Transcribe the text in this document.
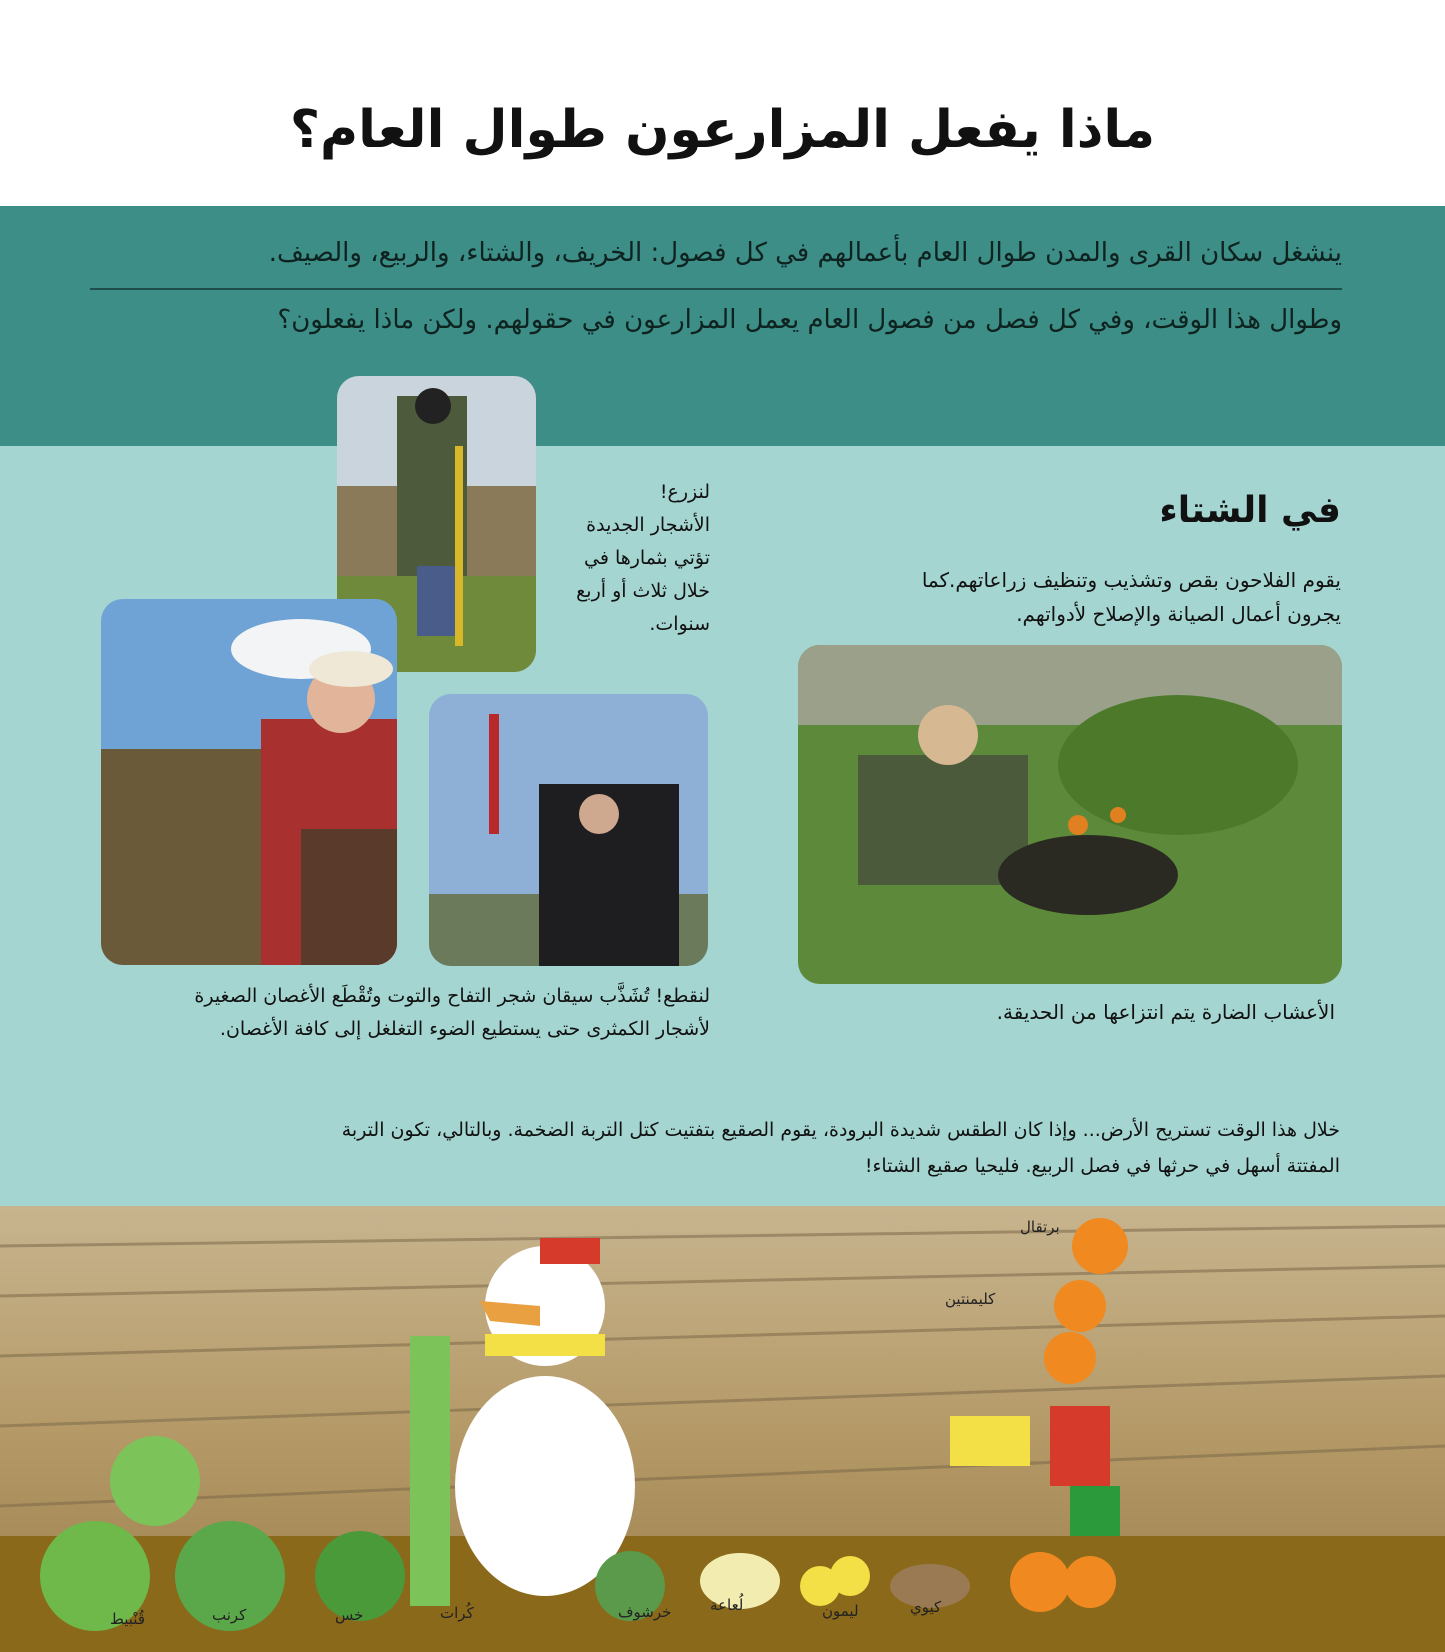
ماذا يفعل المزارعون طوال العام؟
ينشغل سكان القرى والمدن طوال العام بأعمالهم في كل فصول: الخريف، والشتاء، والربيع، والصيف.
وطوال هذا الوقت، وفي كل فصل من فصول العام يعمل المزارعون في حقولهم. ولكن ماذا يفعلون؟
في الشتاء
يقوم الفلاحون بقص وتشذيب وتنظيف زراعاتهم.كما
يجرون أعمال الصيانة والإصلاح لأدواتهم.
الأعشاب الضارة يتم انتزاعها من الحديقة.
لنزرع!
الأشجار الجديدة
تؤتي بثمارها في
خلال ثلاث أو أربع
سنوات.
لنقطع! تُشَذَّب سيقان شجر التفاح والتوت وتُقْطَع الأغصان الصغيرة
لأشجار الكمثرى حتى يستطيع الضوء التغلغل إلى كافة الأغصان.
خلال هذا الوقت تستريح الأرض... وإذا كان الطقس شديدة البرودة، يقوم الصقيع بتفتيت كتل التربة الضخمة. وبالتالي، تكون التربة
المفتتة أسهل في حرثها في فصل الربيع. فليحيا صقيع الشتاء!
برتقال
كليمنتين
قُنْبيط	كرنب	خس	كُرات	خرشوف	لُعاعة	ليمون	كيوي
